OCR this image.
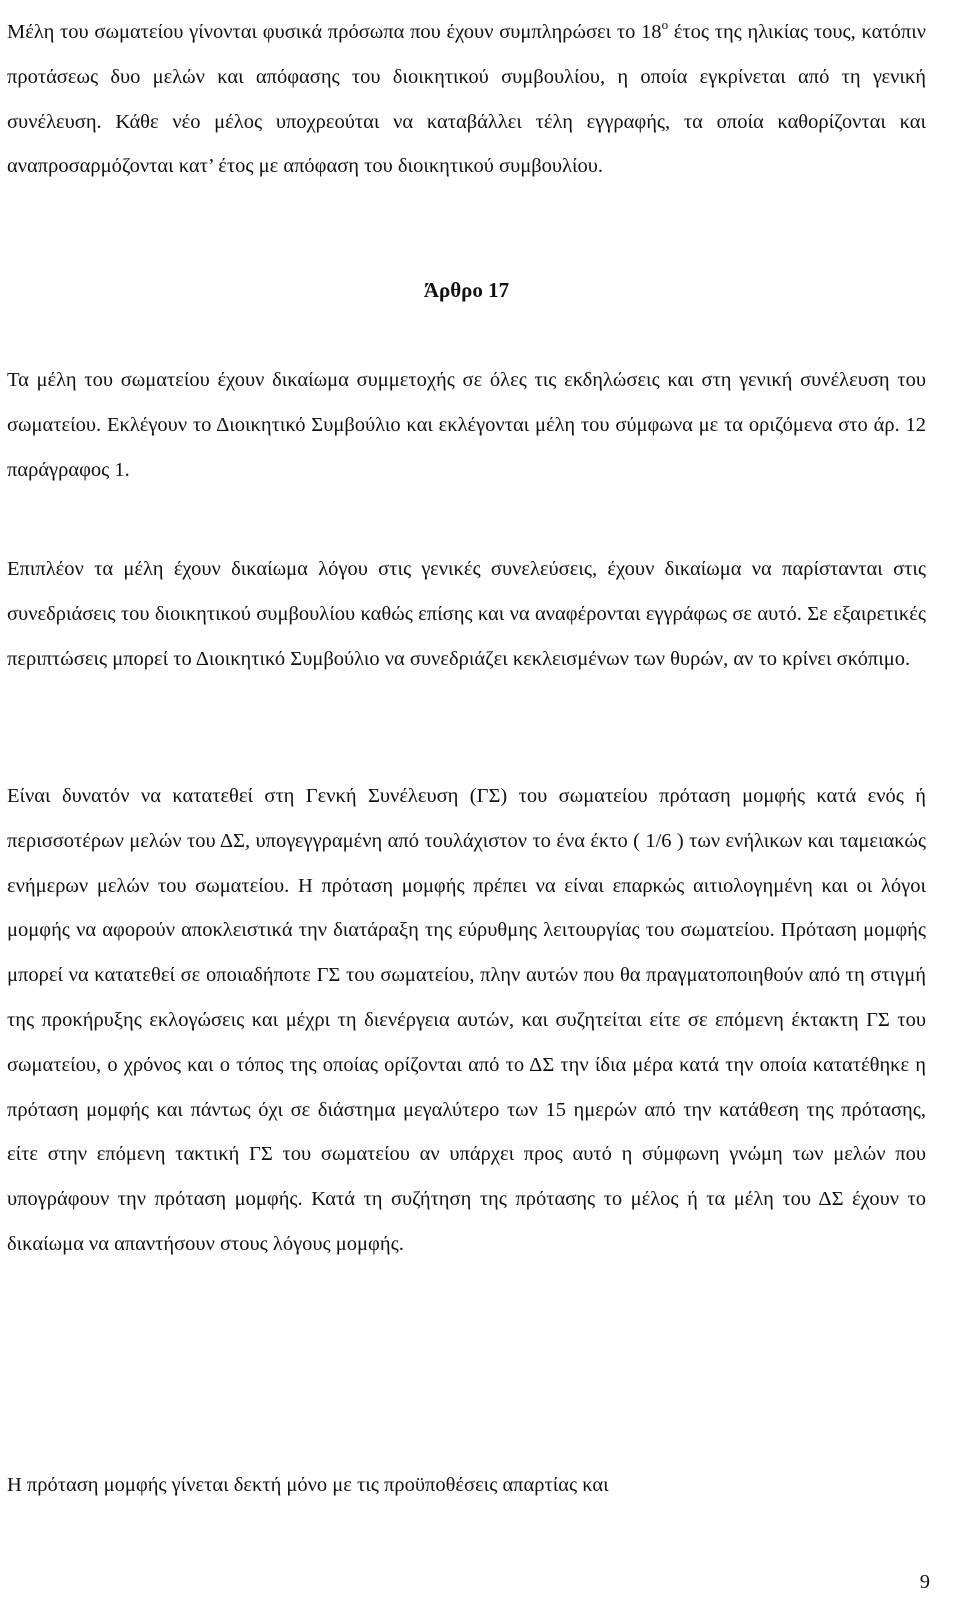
Μέλη του σωματείου γίνονται φυσικά πρόσωπα που έχουν συμπληρώσει το $18^o$ έτος της ηλικίας τους, κατόπιν προτάσεως δυο μελών και απόφασης του διοικητικού συμβουλίου, η οποία εγκρίνεται από τη γενική συνέλευση. Κάθε νέο μέλος υποχρεούται να καταβάλλει τέλη εγγραφής, τα οποία καθορίζονται και αναπροσαρμόζονται κατ’ έτος με απόφαση του διοικητικού συμβουλίου.

Άρθρο 17

Τα μέλη του σωματείου έχουν δικαίωμα συμμετοχής σε όλες τις εκδηλώσεις και στη γενική συνέλευση του σωματείου. Εκλέγουν το Διοικητικό Συμβούλιο και εκλέγονται μέλη του σύμφωνα με τα οριζόμενα στο άρ. 12 παράγραφος 1.

Επιπλέον τα μέλη έχουν δικαίωμα λόγου στις γενικές συνελεύσεις, έχουν δικαίωμα να παρίστανται στις συνεδριάσεις του διοικητικού συμβουλίου καθώς επίσης και να αναφέρονται εγγράφως σε αυτό. Σε εξαιρετικές περιπτώσεις μπορεί το Διοικητικό Συμβούλιο να συνεδριάζει κεκλεισμένων των θυρών, αν το κρίνει σκόπιμο.

Είναι δυνατόν να κατατεθεί στη Γενκή Συνέλευση (ΓΣ) του σωματείου πρόταση μομφής κατά ενός ή περισσοτέρων μελών του ΔΣ, υπογεγγραμένη από τουλάχιστον το ένα έκτο ( 1/6 ) των ενήλικων και ταμειακώς ενήμερων μελών του σωματείου. Η πρόταση μομφής πρέπει να είναι επαρκώς αιτιολογημένη και οι λόγοι μομφής να αφορούν αποκλειστικά την διατάραξη της εύρυθμης λειτουργίας του σωματείου. Πρόταση μομφής μπορεί να κατατεθεί σε οποιαδήποτε ΓΣ του σωματείου, πλην αυτών που θα πραγματοποιηθούν από τη στιγμή της προκήρυξης εκλογώσεις και μέχρι τη διενέργεια αυτών, και συζητείται είτε σε επόμενη έκτακτη ΓΣ του σωματείου, ο χρόνος και ο τόπος της οποίας ορίζονται από το ΔΣ την ίδια μέρα κατά την οποία κατατέθηκε η πρόταση μομφής και πάντως όχι σε διάστημα μεγαλύτερο των 15 ημερών από την κατάθεση της πρότασης, είτε στην επόμενη τακτική ΓΣ του σωματείου αν υπάρχει προς αυτό η σύμφωνη γνώμη των μελών που υπογράφουν την πρόταση μομφής. Κατά τη συζήτηση της πρότασης το μέλος ή τα μέλη του ΔΣ έχουν το δικαίωμα να απαντήσουν στους λόγους μομφής.

Η πρόταση μομφής γίνεται δεκτή μόνο με τις προϋποθέσεις απαρτίας και

9
